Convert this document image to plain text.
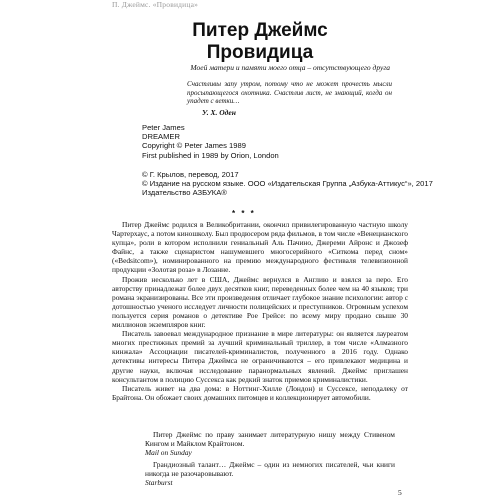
П. Джеймс. «Провидица»
Питер Джеймс
Провидица
Моей матери и памяти моего отца – отсутствующего друга
Счастливы запу утром, потому что не может прочесть мысли просыпающегося охотника. Счастлив лист, не знающий, когда он упадет с ветки…
У. Х. Оден
Peter James
DREAMER
Copyright © Peter James 1989
First published in 1989 by Orion, London
© Г. Крылов, перевод, 2017
© Издание на русском языке. ООО «Издательская Группа „Азбука-Аттикус“», 2017
Издательство АЗБУКА®
* * *

Питер Джеймс родился в Великобритании, окончил привилегированную частную школу Чартерхаус, а потом киношколу. Был продюсером ряда фильмов, в том числе «Венецианского купца», роли в котором исполнили гениальный Аль Пачино, Джереми Айронс и Джозеф Файнс, а также сценаристом нашумевшего многосерийного «Ситкома перед сном» («Bedsitcom»), номинированного на премию международного фестиваля телевизионной продукции «Золотая роза» в Лозанне.

Прожив несколько лет в США, Джеймс вернулся в Англию и взялся за перо. Его авторству принадлежат более двух десятков книг, переведенных более чем на 40 языков; три романа экранизированы. Все эти произведения отличает глубокое знание психологии: автор с дотошностью ученого исследует личности полицейских и преступников. Огромным успехом пользуется серия романов о детективе Рое Грейсе: по всему миру продано свыше 30 миллионов экземпляров книг.

Писатель завоевал международное признание в мире литературы: он является лауреатом многих престижных премий за лучший криминальный триллер, в том числе «Алмазного кинжала» Ассоциации писателей-криминалистов, полученного в 2016 году. Однако детективы интересы Питера Джеймса не ограничиваются – его привлекают медицина и другие науки, включая исследование паранормальных явлений. Джеймс приглашен консультантом в полицию Суссекса как редкий знаток приемов криминалистики.

Писатель живет на два дома: в Ноттинг-Хилле (Лондон) и Суссексе, неподалеку от Брайтона. Он обожает своих домашних питомцев и коллекционирует автомобили.

Питер Джеймс по праву занимает литературную нишу между Стивеном Кингом и Майклом Крайтоном.

Mail on Sunday

Грандиозный талант… Джеймс – один из немногих писателей, чьи книги никогда не разочаровывают.

Starburst
5
